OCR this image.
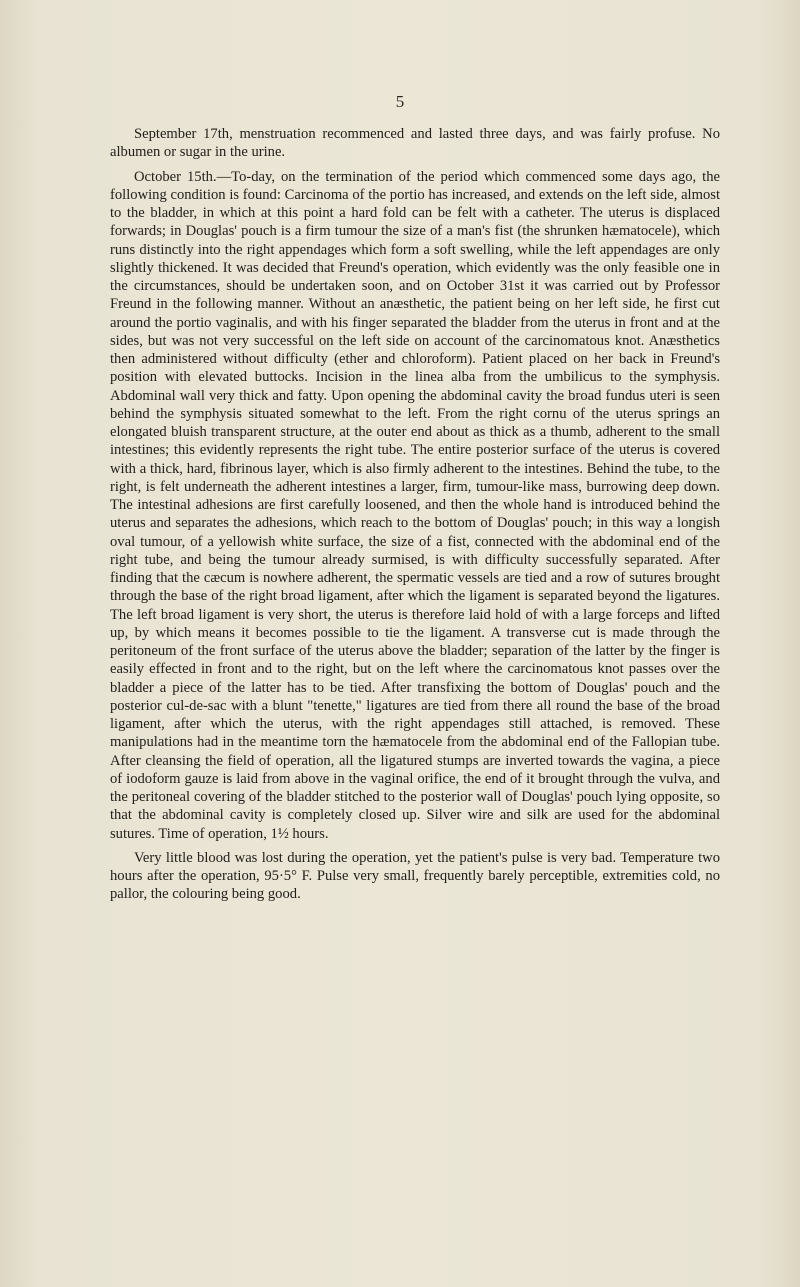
5

September 17th, menstruation recommenced and lasted three days, and was fairly profuse. No albumen or sugar in the urine.

October 15th.—To-day, on the termination of the period which commenced some days ago, the following condition is found: Carcinoma of the portio has increased, and extends on the left side, almost to the bladder, in which at this point a hard fold can be felt with a catheter. The uterus is displaced forwards; in Douglas' pouch is a firm tumour the size of a man's fist (the shrunken hæmatocele), which runs distinctly into the right appendages which form a soft swelling, while the left appendages are only slightly thickened. It was decided that Freund's operation, which evidently was the only feasible one in the circumstances, should be undertaken soon, and on October 31st it was carried out by Professor Freund in the following manner. Without an anæsthetic, the patient being on her left side, he first cut around the portio vaginalis, and with his finger separated the bladder from the uterus in front and at the sides, but was not very successful on the left side on account of the carcinomatous knot. Anæsthetics then administered without difficulty (ether and chloroform). Patient placed on her back in Freund's position with elevated buttocks. Incision in the linea alba from the umbilicus to the symphysis. Abdominal wall very thick and fatty. Upon opening the abdominal cavity the broad fundus uteri is seen behind the symphysis situated somewhat to the left. From the right cornu of the uterus springs an elongated bluish transparent structure, at the outer end about as thick as a thumb, adherent to the small intestines; this evidently represents the right tube. The entire posterior surface of the uterus is covered with a thick, hard, fibrinous layer, which is also firmly adherent to the intestines. Behind the tube, to the right, is felt underneath the adherent intestines a larger, firm, tumour-like mass, burrowing deep down. The intestinal adhesions are first carefully loosened, and then the whole hand is introduced behind the uterus and separates the adhesions, which reach to the bottom of Douglas' pouch; in this way a longish oval tumour, of a yellowish white surface, the size of a fist, connected with the abdominal end of the right tube, and being the tumour already surmised, is with difficulty successfully separated. After finding that the cæcum is nowhere adherent, the spermatic vessels are tied and a row of sutures brought through the base of the right broad ligament, after which the ligament is separated beyond the ligatures. The left broad ligament is very short, the uterus is therefore laid hold of with a large forceps and lifted up, by which means it becomes possible to tie the ligament. A transverse cut is made through the peritoneum of the front surface of the uterus above the bladder; separation of the latter by the finger is easily effected in front and to the right, but on the left where the carcinomatous knot passes over the bladder a piece of the latter has to be tied. After transfixing the bottom of Douglas' pouch and the posterior cul-de-sac with a blunt "tenette," ligatures are tied from there all round the base of the broad ligament, after which the uterus, with the right appendages still attached, is removed. These manipulations had in the meantime torn the hæmatocele from the abdominal end of the Fallopian tube. After cleansing the field of operation, all the ligatured stumps are inverted towards the vagina, a piece of iodoform gauze is laid from above in the vaginal orifice, the end of it brought through the vulva, and the peritoneal covering of the bladder stitched to the posterior wall of Douglas' pouch lying opposite, so that the abdominal cavity is completely closed up. Silver wire and silk are used for the abdominal sutures. Time of operation, 1½ hours.

Very little blood was lost during the operation, yet the patient's pulse is very bad. Temperature two hours after the operation, 95·5° F. Pulse very small, frequently barely perceptible, extremities cold, no pallor, the colouring being good.
